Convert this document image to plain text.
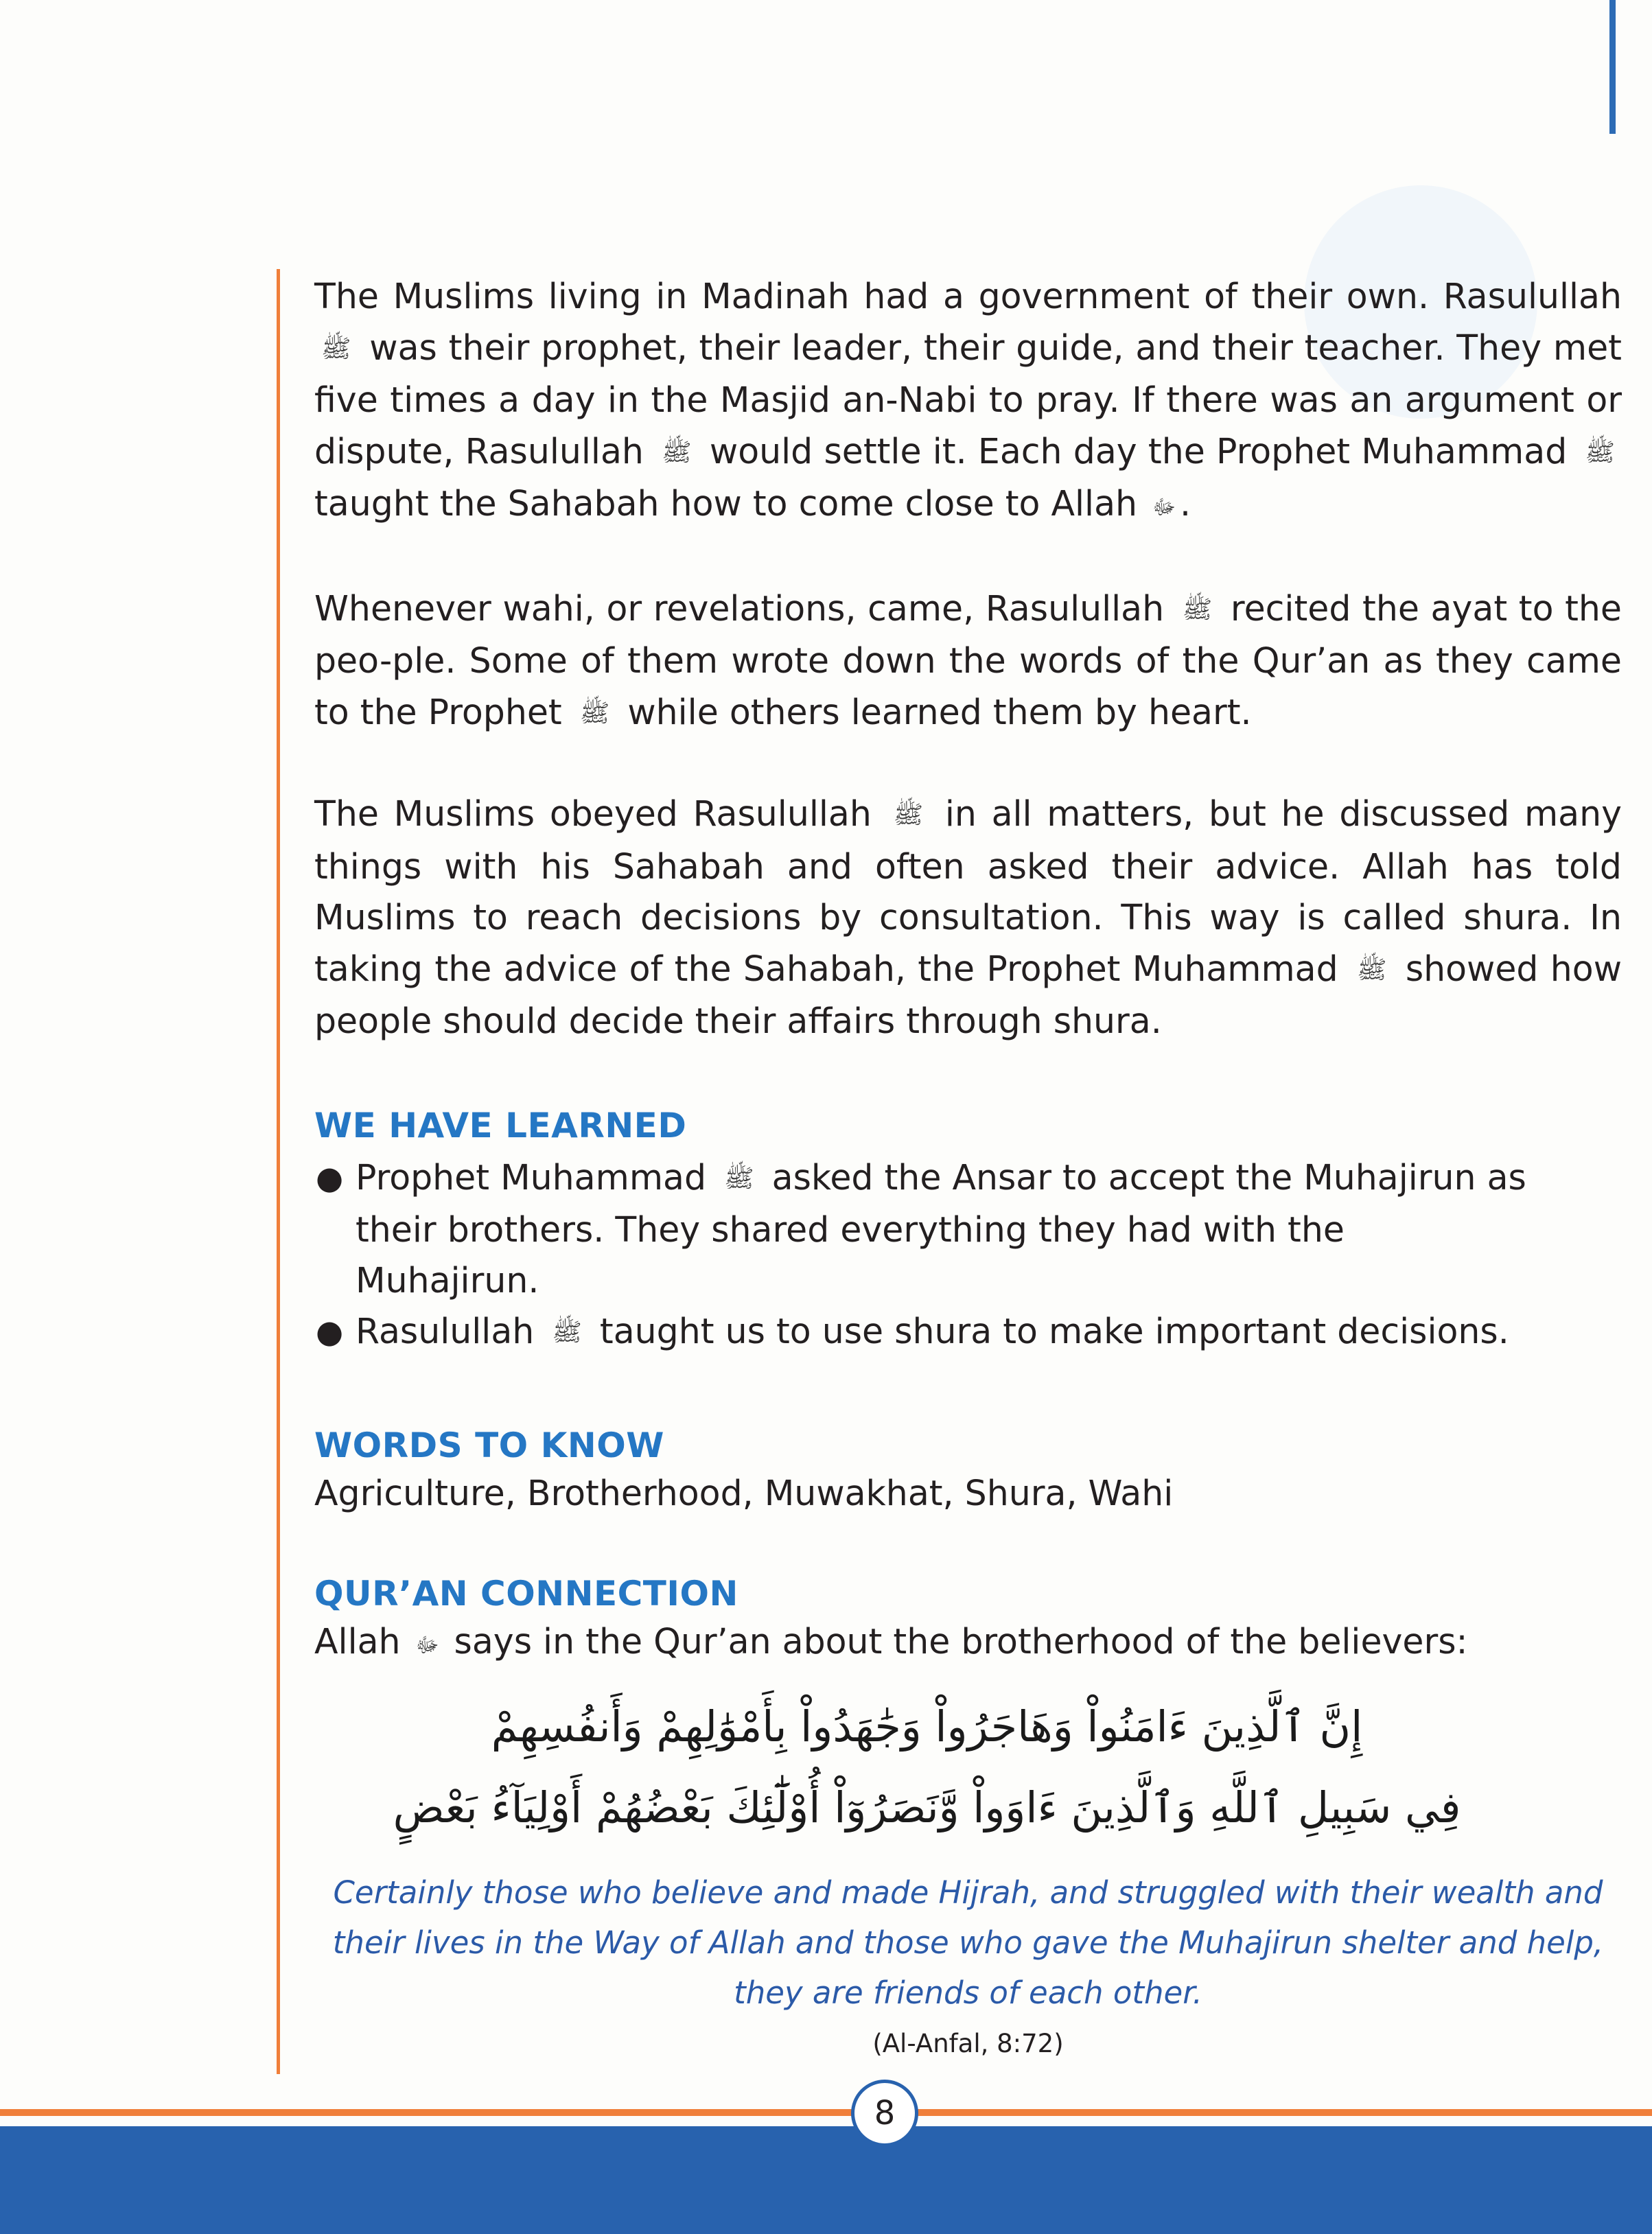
The Muslims living in Madinah had a government of their own. Rasulullah ﷺ was their prophet, their leader, their guide, and their teacher. They met five times a day in the Masjid an-Nabi to pray. If there was an argument or dispute, Rasulullah ﷺ would settle it. Each day the Prophet Muhammad ﷺ taught the Sahabah how to come close to Allah ﷻ .

Whenever wahi, or revelations, came, Rasulullah ﷺ recited the ayat to the peo-ple. Some of them wrote down the words of the Qur’an as they came to the Prophet ﷺ while others learned them by heart.

The Muslims obeyed Rasulullah ﷺ in all matters, but he discussed many things with his Sahabah and often asked their advice. Allah has told Muslims to reach decisions by consultation. This way is called shura. In taking the advice of the Sahabah, the Prophet Muhammad ﷺ showed how people should decide their affairs through shura.

WE HAVE LEARNED
● Prophet Muhammad ﷺ asked the Ansar to accept the Muhajirun as their brothers. They shared everything they had with the Muhajirun.
● Rasulullah ﷺ taught us to use shura to make important decisions.
WORDS TO KNOW

Agriculture, Brotherhood, Muwakhat, Shura, Wahi

QUR’AN CONNECTION

Allah ﷻ says in the Qur’an about the brotherhood of the believers:

إِنَّ ٱلَّذِينَ ءَامَنُواْ وَهَاجَرُواْ وَجَٰهَدُواْ بِأَمْوَٰلِهِمْ وَأَنفُسِهِمْ
فِي سَبِيلِ ٱللَّهِ وَٱلَّذِينَ ءَاوَواْ وَّنَصَرُوٓاْ أُوْلَٰٓئِكَ بَعْضُهُمْ أَوْلِيَآءُ بَعْضٍ
Certainly those who believe and made Hijrah, and struggled with their wealth and
their lives in the Way of Allah and those who gave the Muhajirun shelter and help,
they are friends of each other.

(Al-Anfal, 8:72)

8
